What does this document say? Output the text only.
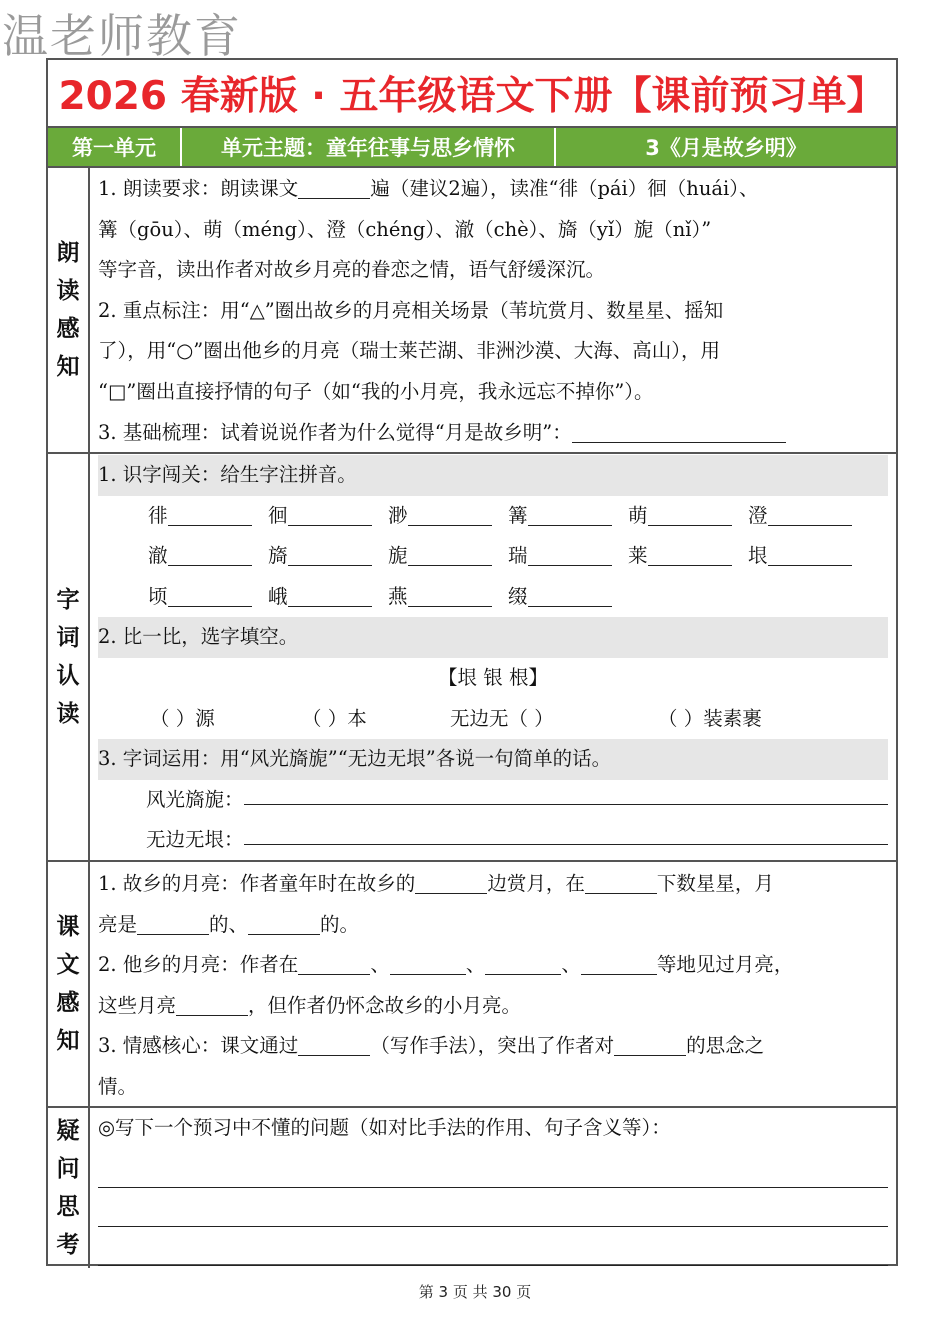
温老师教育
2026 春新版 · 五年级语文下册【课前预习单】
第一单元	单元主题：童年往事与思乡情怀	3《月是故乡明》
朗
读
感
知
1. 朗读要求：朗读课文	遍（建议2遍），读准“徘（pái）徊（huái）、
篝（gōu）、萌（méng）、澄（chéng）、澈（chè）、旖（yǐ）旎（nǐ）”
等字音，读出作者对故乡月亮的眷恋之情，语气舒缓深沉。
2. 重点标注：用“△”圈出故乡的月亮相关场景（苇坑赏月、数星星、摇知
了），用“○”圈出他乡的月亮（瑞士莱芒湖、非洲沙漠、大海、高山），用
“□”圈出直接抒情的句子（如“我的小月亮，我永远忘不掉你”）。
3. 基础梳理：试着说说作者为什么觉得“月是故乡明”：
字
词
认
读
1. 识字闯关：给生字注拼音。
徘	徊	渺	篝	萌	澄
澈	旖	旎	瑞	莱	垠
顷	峨	燕	缀
2. 比一比，选字填空。
【垠 银 根】
（ ）源	（ ）本	无边无（ ）	（ ）装素裹
3. 字词运用：用“风光旖旎”“无边无垠”各说一句简单的话。
风光旖旎：
无边无垠：
课
文
感
知
1. 故乡的月亮：作者童年时在故乡的	边赏月，在	下数星星，月
亮是	的、	的。
2. 他乡的月亮：作者在	、	、	、	等地见过月亮，
这些月亮	，但作者仍怀念故乡的小月亮。
3. 情感核心：课文通过	（写作手法），突出了作者对	的思念之
情。
疑
问
思
考
◎写下一个预习中不懂的问题（如对比手法的作用、句子含义等）：
第 3 页 共 30 页
